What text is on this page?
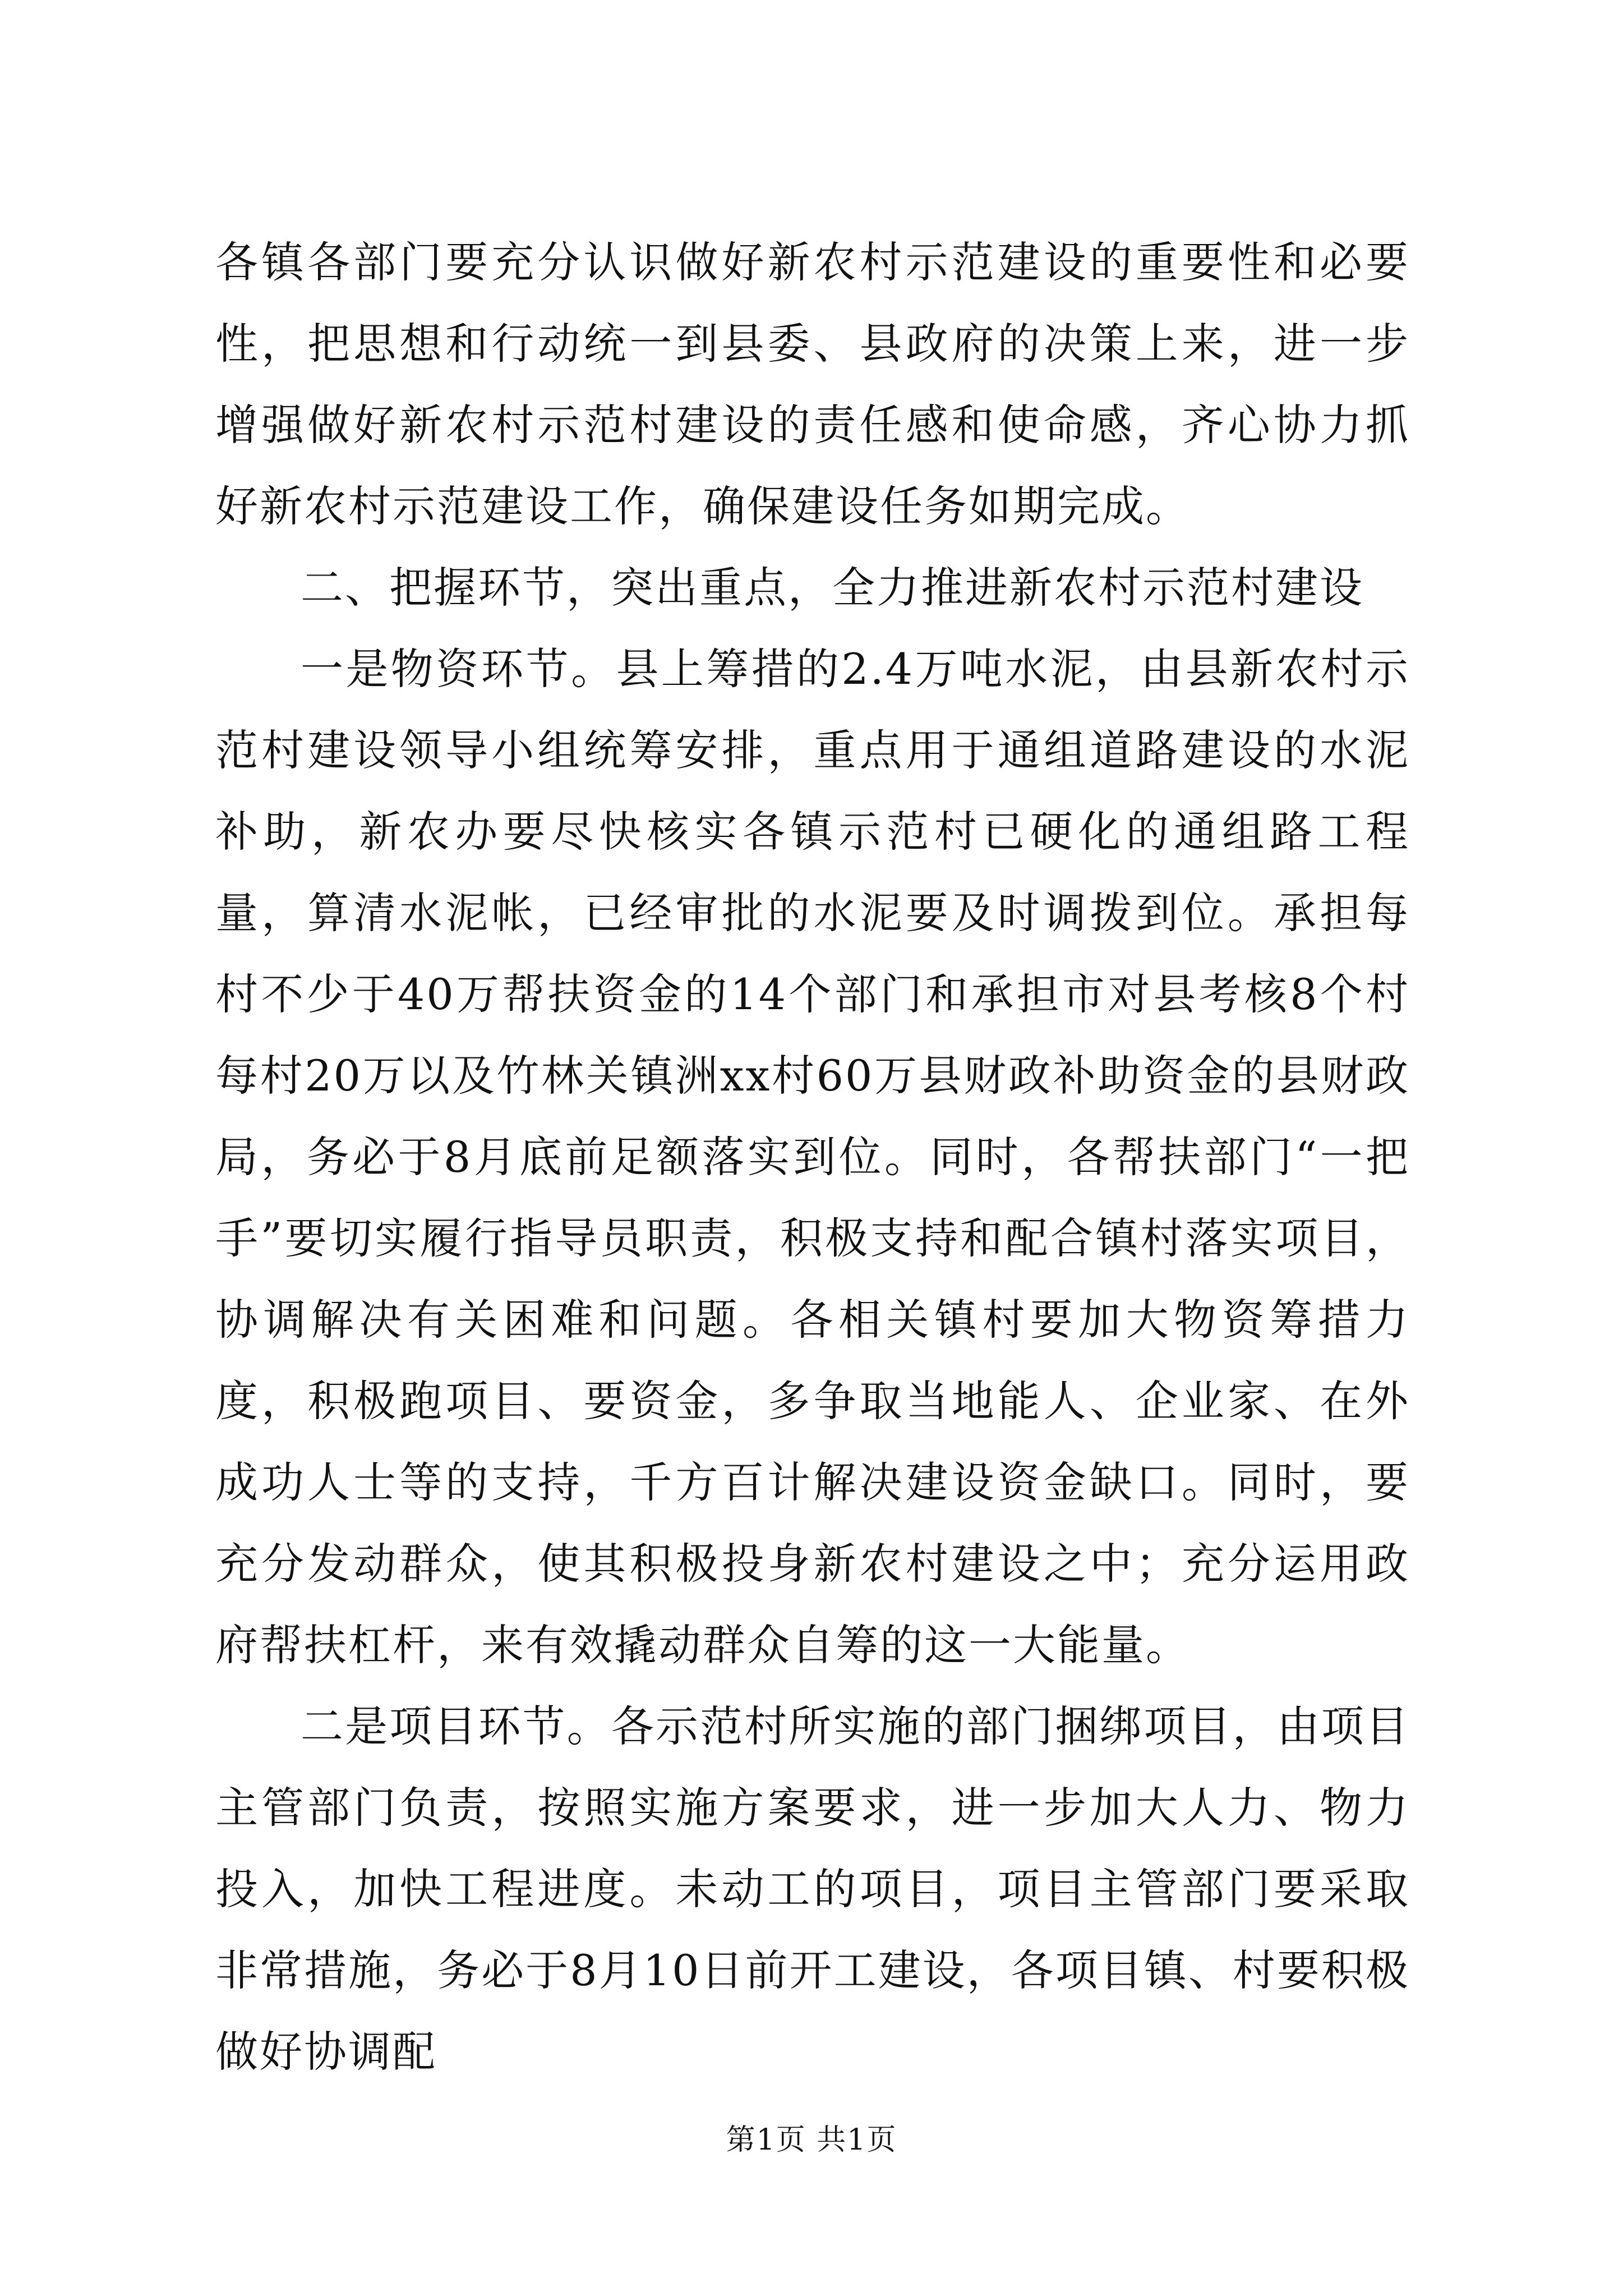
各镇各部门要充分认识做好新农村示范建设的重要性和必要性，把思想和行动统一到县委、县政府的决策上来，进一步增强做好新农村示范村建设的责任感和使命感，齐心协力抓好新农村示范建设工作，确保建设任务如期完成。

二、把握环节，突出重点，全力推进新农村示范村建设

一是物资环节。县上筹措的2.4万吨水泥，由县新农村示范村建设领导小组统筹安排，重点用于通组道路建设的水泥补助，新农办要尽快核实各镇示范村已硬化的通组路工程量，算清水泥帐，已经审批的水泥要及时调拨到位。承担每村不少于40万帮扶资金的14个部门和承担市对县考核8个村每村20万以及竹林关镇洲xx村60万县财政补助资金的县财政局，务必于8月底前足额落实到位。同时，各帮扶部门“一把手”要切实履行指导员职责，积极支持和配合镇村落实项目，协调解决有关困难和问题。各相关镇村要加大物资筹措力度，积极跑项目、要资金，多争取当地能人、企业家、在外成功人士等的支持，千方百计解决建设资金缺口。同时，要充分发动群众，使其积极投身新农村建设之中；充分运用政府帮扶杠杆，来有效撬动群众自筹的这一大能量。

二是项目环节。各示范村所实施的部门捆绑项目，由项目主管部门负责，按照实施方案要求，进一步加大人力、物力投入，加快工程进度。未动工的项目，项目主管部门要采取非常措施，务必于8月10日前开工建设，各项目镇、村要积极做好协调配

第1页 共1页
